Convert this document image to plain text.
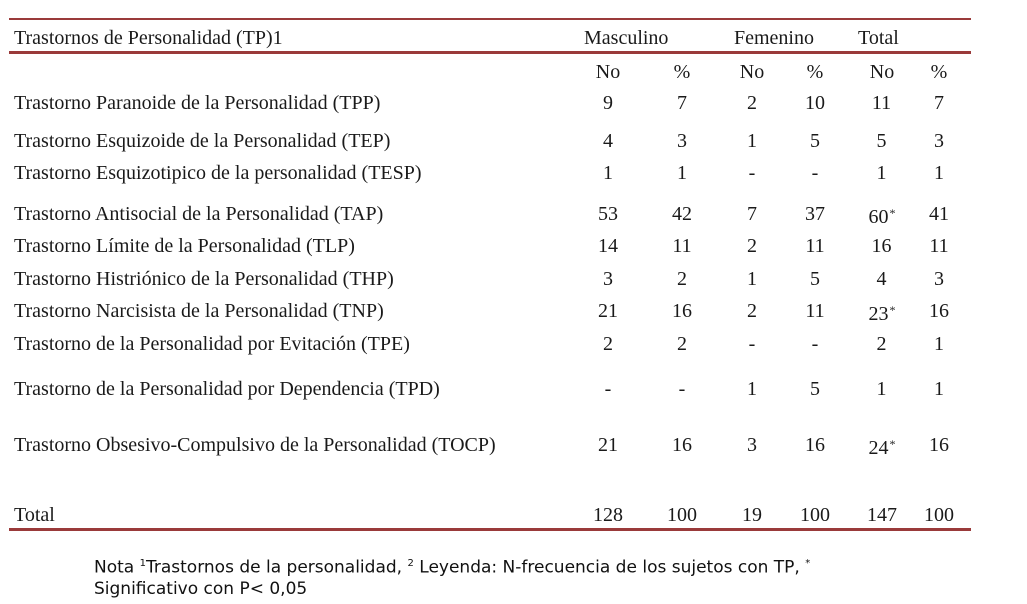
Trastornos de Personalidad (TP)1	Masculino	Femenino Total
No	%	No	%	No	%
Trastorno Paranoide de la Personalidad (TPP)	9	7	2	10	11	7
Trastorno Esquizoide de la Personalidad (TEP)	4	3	1	5	5	3
Trastorno Esquizotipico de la personalidad (TESP)	1	1	-	-	1	1
Trastorno Antisocial de la Personalidad (TAP)	53	42	7	37	60*	41
Trastorno Límite de la Personalidad (TLP)	14	11	2	11	16	11
Trastorno Histriónico de la Personalidad (THP)	3	2	1	5	4	3
Trastorno Narcisista de la Personalidad (TNP)	21	16	2	11	23*	16
Trastorno de la Personalidad por Evitación (TPE)	2	2	-	-	2	1
Trastorno de la Personalidad por Dependencia (TPD)	-	-	1	5	1	1
Trastorno Obsesivo-Compulsivo de la Personalidad (TOCP)	21	16	3	16	24*	16
Total	128	100	19	100	147	100
Nota $^1$Trastornos de la personalidad, $^2$ Leyenda: N-frecuencia de los sujetos con TP, *
Significativo con P< 0,05
